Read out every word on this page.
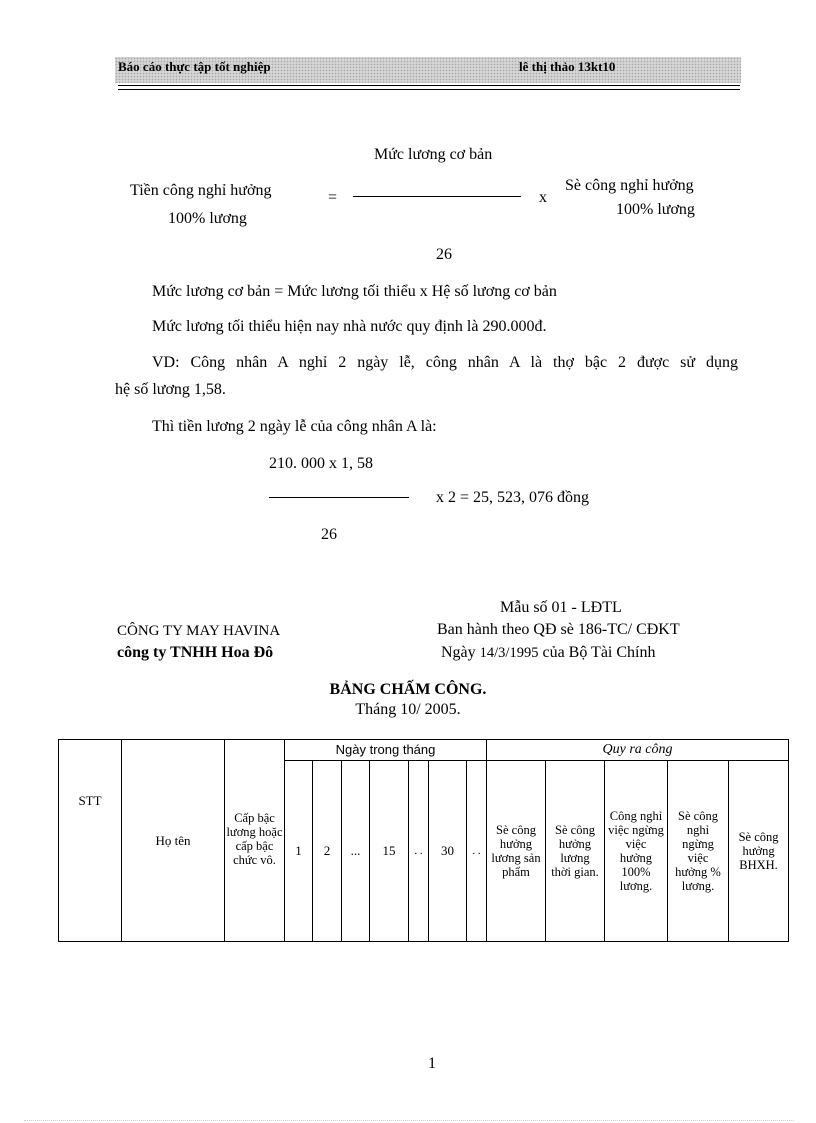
Báo cáo thực tập tốt nghiệp	lê thị thảo 13kt10
Mức lương cơ bản
Tiền công nghỉ hưởng
100% lương
=	x
Sè công nghỉ hưởng
100% lương
26
Mức lương cơ bản = Mức lương tối thiểu x Hệ số lương cơ bản
Mức lương tối thiểu hiện nay nhà nước quy định là 290.000đ.
VD: Công nhân A nghỉ 2 ngày lễ, công nhân A là thợ bậc 2 được sử dụng
hệ số lương 1,58.
Thì tiền lương 2 ngày lễ của công nhân A là:
210. 000 x 1, 58
x 2 = 25, 523, 076 đồng
26
Mẫu số 01 - LĐTL
CÔNG TY MAY HAVINA	Ban hành theo QĐ sè 186-TC/ CĐKT
công ty TNHH Hoa Đô	Ngày 14/3/1995 của Bộ Tài Chính
BẢNG CHẤM CÔNG.
Tháng 10/ 2005.
STT	Họ tên	Cấp bậc lương hoặc cấp bậc chức vô.	Ngày trong tháng							Quy ra công				
			1	2	...	15	. .	30	. .	Sè công hưởng lương sản phẩm	Sè công hưởng lương thời gian.	Công nghỉ việc ngừng việc hưởng 100% lương.	Sè công nghỉ ngừng việc hưởng % lương.	Sè công hưởng BHXH.
1
